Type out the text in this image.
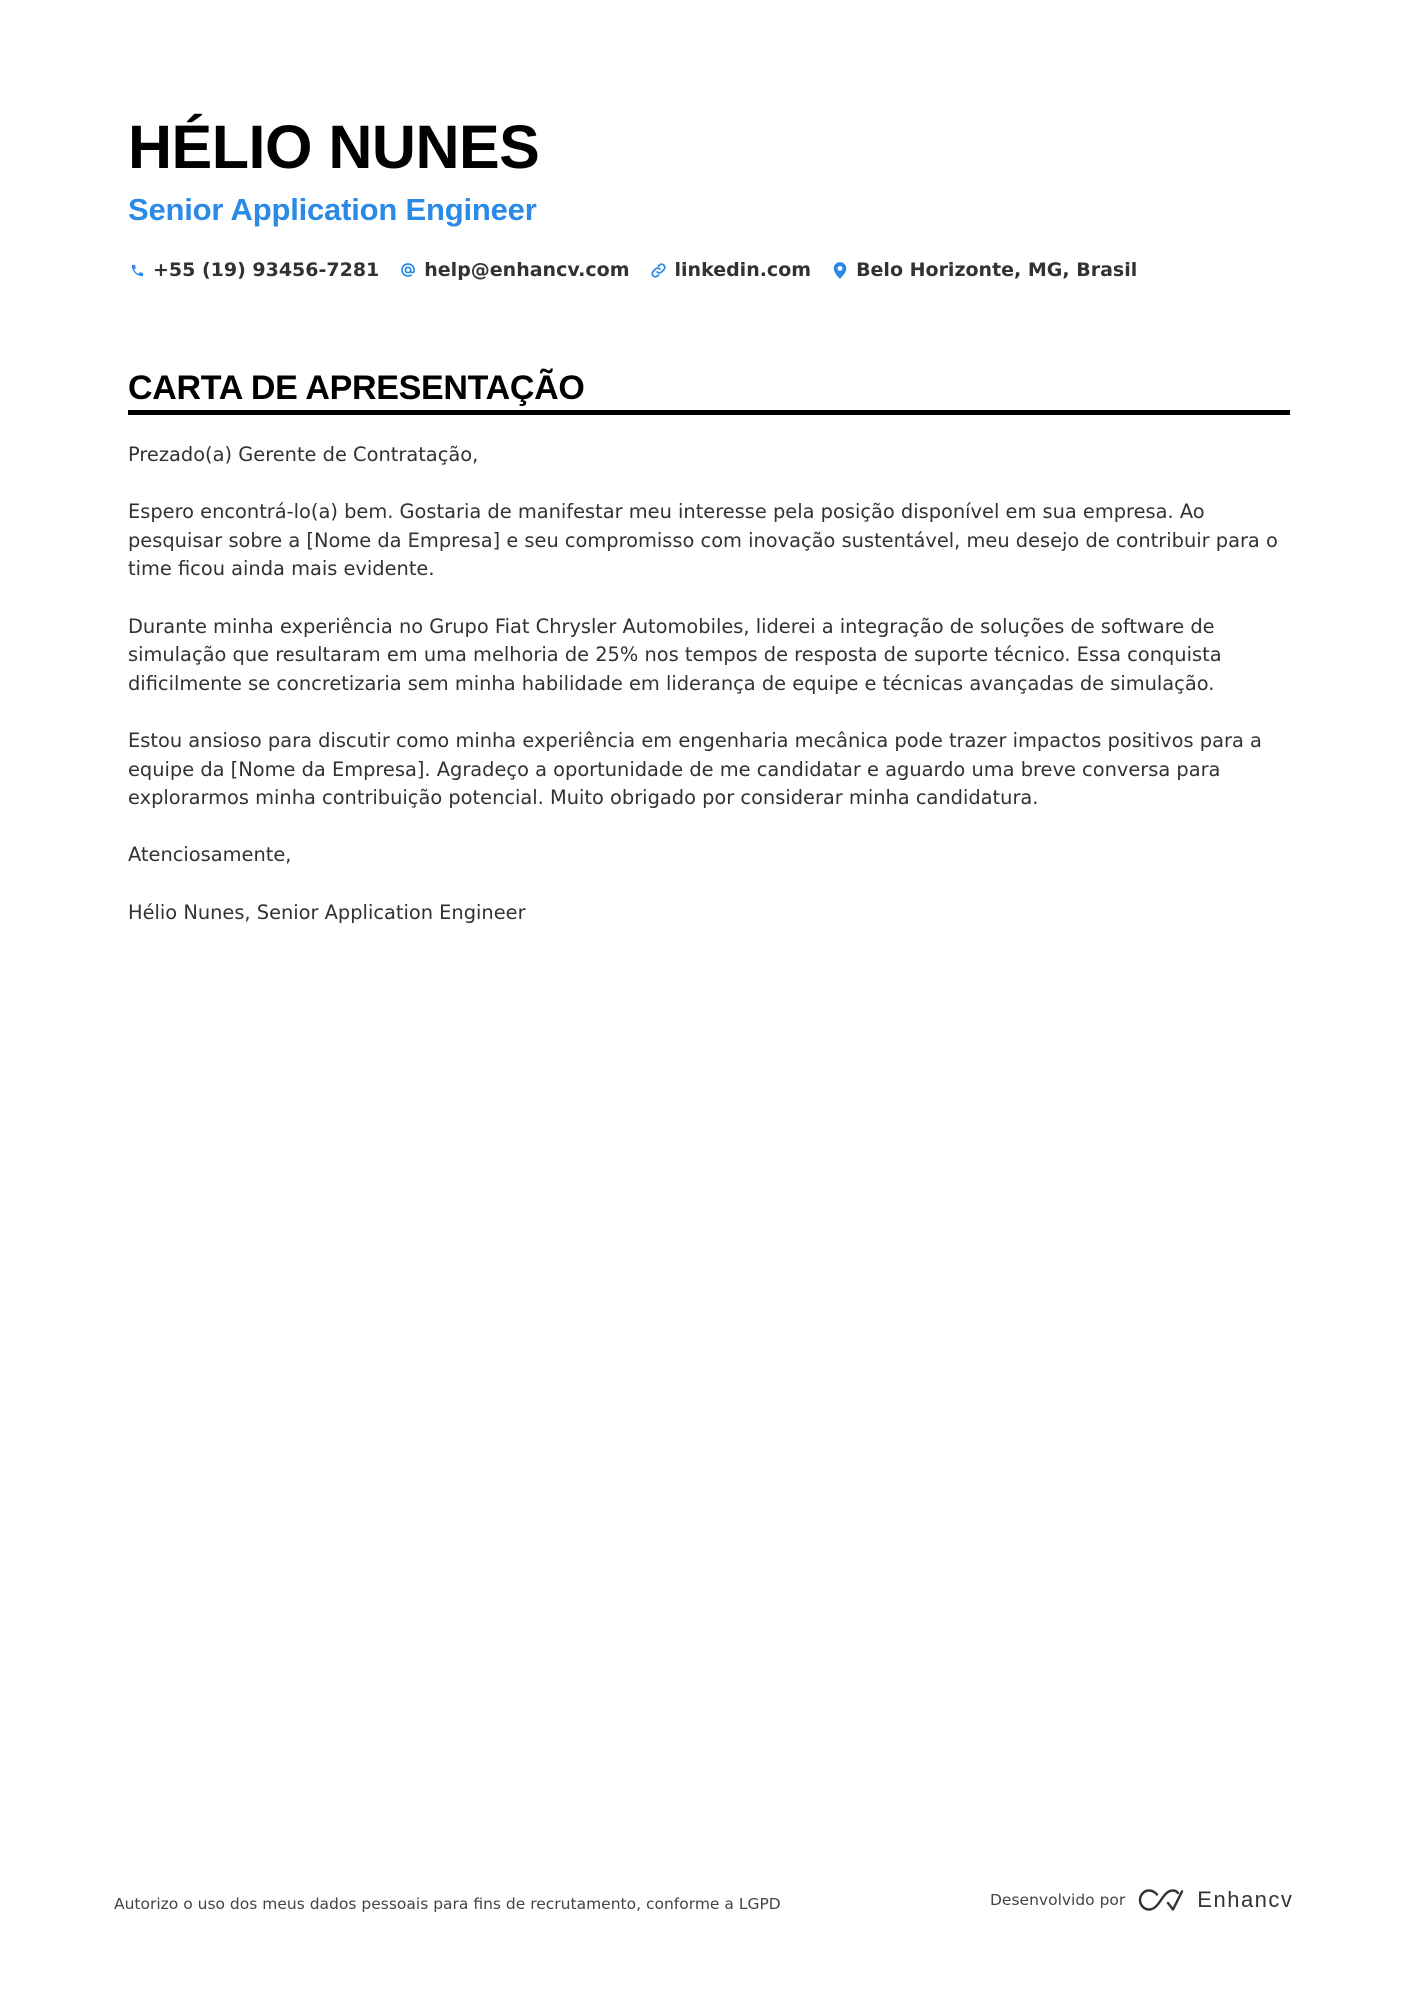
HÉLIO NUNES
Senior Application Engineer
+55 (19) 93456-7281 help@enhancv.com linkedin.com Belo Horizonte, MG, Brasil
CARTA DE APRESENTAÇÃO

Prezado(a) Gerente de Contratação,

Espero encontrá-lo(a) bem. Gostaria de manifestar meu interesse pela posição disponível em sua empresa. Ao pesquisar sobre a [Nome da Empresa] e seu compromisso com inovação sustentável, meu desejo de contribuir para o time ficou ainda mais evidente.

Durante minha experiência no Grupo Fiat Chrysler Automobiles, liderei a integração de soluções de software de simulação que resultaram em uma melhoria de 25% nos tempos de resposta de suporte técnico. Essa conquista dificilmente se concretizaria sem minha habilidade em liderança de equipe e técnicas avançadas de simulação.

Estou ansioso para discutir como minha experiência em engenharia mecânica pode trazer impactos positivos para a equipe da [Nome da Empresa]. Agradeço a oportunidade de me candidatar e aguardo uma breve conversa para explorarmos minha contribuição potencial. Muito obrigado por considerar minha candidatura.

Atenciosamente,

Hélio Nunes, Senior Application Engineer

Autorizo o uso dos meus dados pessoais para fins de recrutamento, conforme a LGPD	Desenvolvido por	Enhancv
